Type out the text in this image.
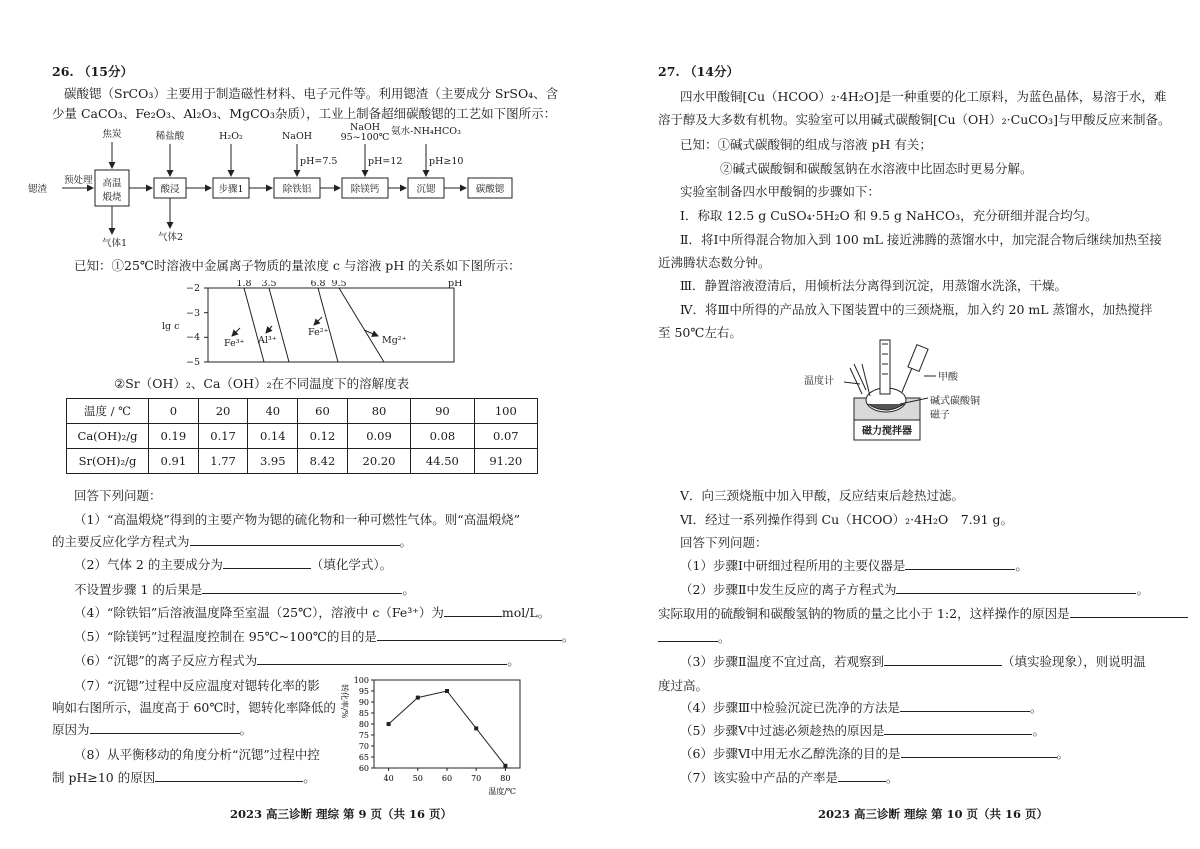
26. （15分）
碳酸锶（SrCO₃）主要用于制造磁性材料、电子元件等。利用锶渣（主要成分 SrSO₄、含
少量 CaCO₃、Fe₂O₃、Al₂O₃、MgCO₃杂质），工业上制备超细碳酸锶的工艺如下图所示：
锶渣
预处理 高温
煅烧
酸浸	步骤1	除铁铝	除镁钙	沉锶	碳酸锶
焦炭	稀盐酸	H₂O₂	NaOH
NaOH 氨水-NH₄HCO₃
pH=7.5
95~100℃
pH=12	pH≥10
气体1
气体2
已知：①25℃时溶液中金属离子物质的量浓度 c 与溶液 pH 的关系如下图所示：
lg c
−2
−3
−4
−5
1.8 3.5	6.8 9.5	pH
Fe³⁺ Al³⁺
Fe²⁺
Mg²⁺
②Sr（OH）₂、Ca（OH）₂在不同温度下的溶解度表
温度 / ℃	0	20	40	60	80	90	100
Ca(OH)₂/g	0.19	0.17	0.14	0.12	0.09	0.08	0.07
Sr(OH)₂/g	0.91	1.77	3.95	8.42	20.20	44.50	91.20
回答下列问题：
（1）“高温煅烧”得到的主要产物为锶的硫化物和一种可燃性气体。则“高温煅烧”
的主要反应化学方程式为	。
（2）气体 2 的主要成分为	（填化学式）。
不设置步骤 1 的后果是	。
（4）“除铁铝”后溶液温度降至室温（25℃），溶液中 c（Fe³⁺）为	mol/L。
（5）“除镁钙”过程温度控制在 95℃~100℃的目的是	。
（6）“沉锶”的离子反应方程式为	。
（7）“沉锶”过程中反应温度对锶转化率的影
响如右图所示，温度高于 60℃时，锶转化率降低的
原因为	。
（8）从平衡移动的角度分析“沉锶”过程中控
制 pH≥10 的原因	。
60
65
70
75
80
85
90
95
100
40 50 60 70 80
温度/℃
转化率/%
2023 高三诊断 理综 第 9 页（共 16 页）
27. （14分）
四水甲酸铜[Cu（HCOO）₂·4H₂O]是一种重要的化工原料，为蓝色晶体，易溶于水，难
溶于醇及大多数有机物。实验室可以用碱式碳酸铜[Cu（OH）₂·CuCO₃]与甲酸反应来制备。
已知：①碱式碳酸铜的组成与溶液 pH 有关；
②碱式碳酸铜和碳酸氢钠在水溶液中比固态时更易分解。
实验室制备四水甲酸铜的步骤如下：
Ⅰ．称取 12.5 g CuSO₄·5H₂O 和 9.5 g NaHCO₃，充分研细并混合均匀。
Ⅱ．将Ⅰ中所得混合物加入到 100 mL 接近沸腾的蒸馏水中，加完混合物后继续加热至接
近沸腾状态数分钟。
Ⅲ．静置溶液澄清后，用倾析法分离得到沉淀，用蒸馏水洗涤，干燥。
Ⅳ．将Ⅲ中所得的产品放入下图装置中的三颈烧瓶，加入约 20 mL 蒸馏水，加热搅拌
至 50℃左右。
温度计	甲酸
碱式碳酸铜
磁子
磁力搅拌器
Ⅴ．向三颈烧瓶中加入甲酸，反应结束后趁热过滤。
Ⅵ．经过一系列操作得到 Cu（HCOO）₂·4H₂O　7.91 g。
回答下列问题：
（1）步骤Ⅰ中研细过程所用的主要仪器是	。
（2）步骤Ⅱ中发生反应的离子方程式为	。
实际取用的硫酸铜和碳酸氢钠的物质的量之比小于 1:2，这样操作的原因是
。
（3）步骤Ⅱ温度不宜过高，若观察到	（填实验现象），则说明温
度过高。
（4）步骤Ⅲ中检验沉淀已洗净的方法是	。
（5）步骤Ⅴ中过滤必须趁热的原因是	。
（6）步骤Ⅵ中用无水乙醇洗涤的目的是	。
（7）该实验中产品的产率是	。
2023 高三诊断 理综 第 10 页（共 16 页）
